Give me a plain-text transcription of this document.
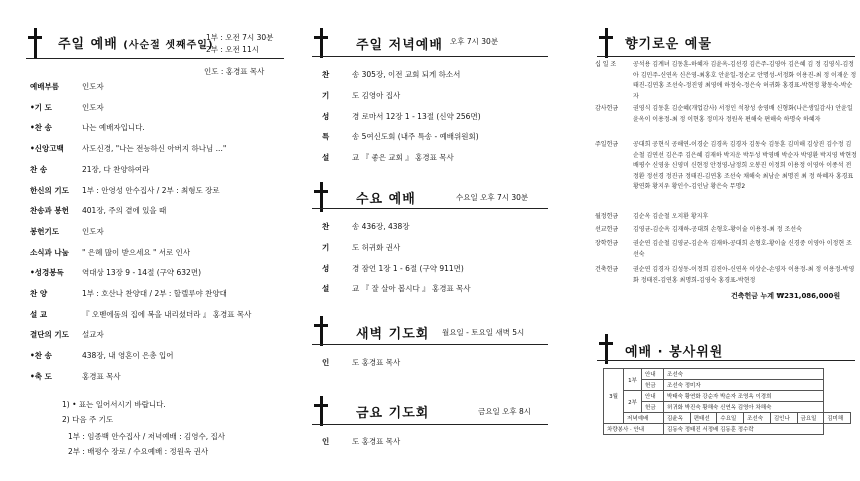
주일 예배 (사순절 셋째주일)
1부 : 오전 7시 30분
2부 : 오전 11시
인도 : 홍경표 목사
예배부름	인도자
•기 도	인도자
•찬 송	나는 예배자입니다.
•신앙고백 사도신경, "나는 전능하신 아버지 하나님 ..."
찬 송	21장, 다 찬양하여라
한신의 기도 1부 : 안영성 안수집사 / 2부 : 최형도 장로
찬송과 봉헌 401장, 주의 곁에 있을 때
봉헌기도	인도자
소식과 나눔 " 은혜 많이 받으세요 " 서로 인사
•성경봉독 역대상 13장 9 - 14절 (구약 632면)
찬 양	1부 : 호산나 찬양대 / 2부 : 할렐루야 찬양대
설 교	『 오벧에돔의 집에 복을 내리셨더라 』 홍경표 목사
결단의 기도 설교자
•찬 송	438장, 내 영혼이 은총 입어
•축 도	홍경표 목사
1) • 표는 일어서시기 바랍니다.
2) 다음 주 기도
1부 : 임종백 안수집사 / 저녁예배 : 김영수, 집사
2부 : 배평수 장로 / 수요예배 : 정원옥 권사
주일 저녁예배 오후 7시 30분
찬	송 305장, 이전 교회 되게 하소서
기	도 김영아 집사
성	경 로마서 12장 1 - 13절 (신약 256면)
특	송 5여신도회 (내주 특송 - 예배위원회)
설	교 『 좋은 교회 』 홍경표 목사
수요 예배	수요일 오후 7시 30분
찬	송 436장, 438장
기	도 허귀화 권사
성	경 잠언 1장 1 - 6절 (구약 911면)
설	교 『 잘 살아 봅시다 』 홍경표 목사
새벽 기도회 월요일 - 토요일 새벽 5시
인	도 홍경표 목사
금요 기도회	금요일 오후 8시
인	도 홍경표 목사
향기로운 예물
십 일 조	공석용 김계녀 김동훈-하혜자 김윤옥-김선경 김은주-김영아 김은혜 김 정 김영식-김정아 김민주-신연옥 신은영-최홍호 안윤일-정순교 안명성-서정화 이용진-최 정 이재운 정태진-김연홍 조선숙-정진영 최영애 하정숙-정은숙 허귀화 홍경표-박현정 황동숙-박순자
감사헌금	권영식 김동훈 김순혜(개업감사) 서정인 석창성 송영배 신형화(나은생일감사) 안윤일 윤옥이 이용정-최 정 이현홍 정미자 정원옥 편해숙 편해숙 하명숙 하혜자
주일헌금	공대희 공현식 공해연-이경순 김경옥 김경자 김동숙 김동훈 김미해 김상진 김수정 김순철 김연선 김은주 김은혜 김재하 박지운 박두성 박영배 박순자 박영환 박지영 박현정 배평수 신영웅 신영미 신현정 안정영-남정희 오봉진 이정희 이용정 이영아 이종석 전정환 정선경 정진규 정태진-김연홍 조선숙 채해숙 최남순 최명진 최 정 하혜자 홍경표 황연화 황지우 황인수-김인남 황은숙 무명2
월정헌금	김순옥 김순철 오지환 황지후
선교헌금	김영균-김순옥 김재하-공대희 손형호-황이술 이용정-최 정 조선숙
장학헌금	권순연 김순철 김영균-김순옥 김재하-공대희 손형호-황이술 신경중 이영아 이정현 조선숙
건축헌금	권순연 김경자 김성동-이정희 김진아-신연옥 이상순-손영자 이용정-최 정 이용정-박영화 정태진-김연홍 최명희-김영숙 홍경표-박현정
건축헌금 누계 ₩231,086,000원
예배 · 봉사위원
3월	1부	안내	조선숙						
		헌금	조선숙 정미자						
	2부	안내	박태숙 황연화 강순자 박순자 조영옥 이경희						
		헌금	허귀화 박진숙 황해숙 신연옥 김영아 차해숙						
	저녁예배		김윤옥	편태선	수요일	조선숙	김인나	금요일	김미해
차량봉사 · 안내			김동숙 정태진 서정배 김동훈 정수락						
